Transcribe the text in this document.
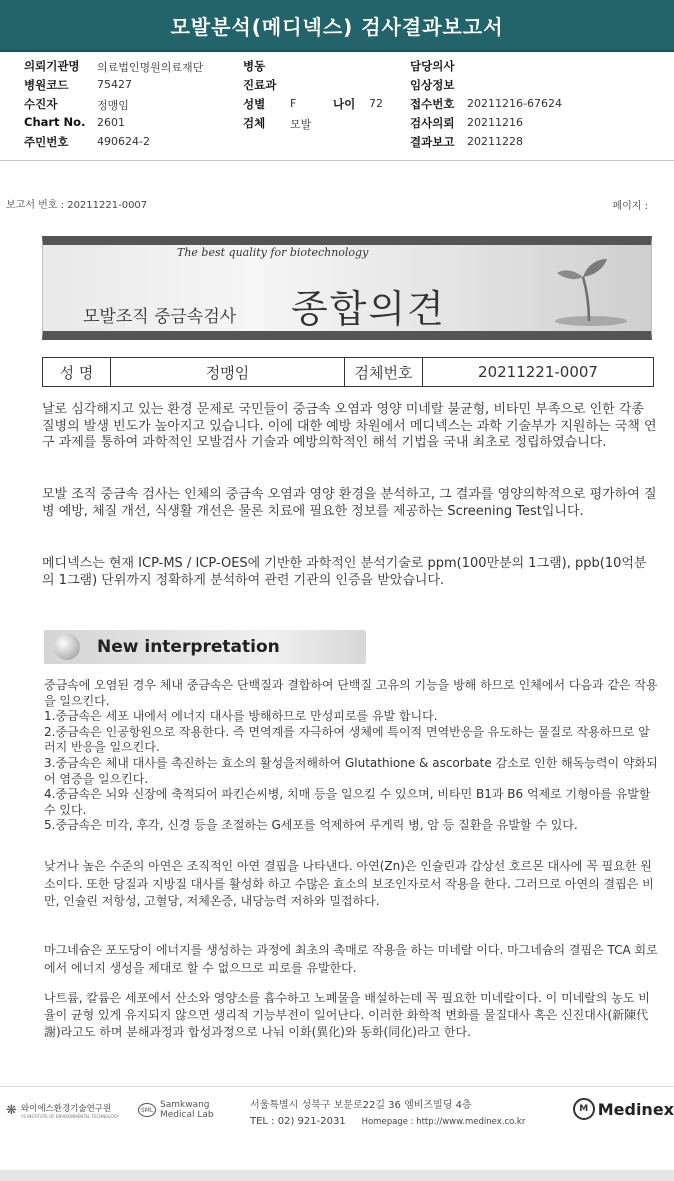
모발분석(메디넥스) 검사결과보고서
의뢰기관명 의료법인명원의료재단
병원코드	75427
수진자	정맹임
Chart No. 2601
주민번호	490624-2
병동
진료과
성별 F	나이 72
검체 모발
담당의사
임상정보
접수번호 20211216-67624
검사의뢰 20211216
결과보고 20211228
보고서 번호 : 20211221-0007	페이지 :
The best quality for biotechnology
모발조직 중금속검사 종합의견
성 명	정맹임	검체번호	20211221-0007

날로 심각해지고 있는 환경 문제로 국민들이 중금속 오염과 영양 미네랄 불균형, 비타민 부족으로 인한 각종 질병의 발생 빈도가 높아지고 있습니다. 이에 대한 예방 차원에서 메디넥스는 과학 기술부가 지원하는 국책 연구 과제를 통하여 과학적인 모발검사 기술과 예방의학적인 해석 기법을 국내 최초로 정립하였습니다.

모발 조직 중금속 검사는 인체의 중금속 오염과 영양 환경을 분석하고, 그 결과를 영양의학적으로 평가하여 질병 예방, 체질 개선, 식생활 개선은 물론 치료에 필요한 정보를 제공하는 Screening Test입니다.

메디넥스는 현재 ICP-MS / ICP-OES에 기반한 과학적인 분석기술로 ppm(100만분의 1그램), ppb(10억분의 1그램) 단위까지 정확하게 분석하여 관련 기관의 인증을 받았습니다.

New interpretation

중금속에 오염된 경우 체내 중금속은 단백질과 결합하여 단백질 고유의 기능을 방해 하므로 인체에서 다음과 같은 작용을 일으킨다.

1.중금속은 세포 내에서 에너지 대사를 방해하므로 만성피로를 유발 합니다.

2.중금속은 인공항원으로 작용한다. 즉 면역계를 자극하여 생체에 특이적 면역반응을 유도하는 물질로 작용하므로 알러지 반응을 일으킨다.

3.중금속은 체내 대사를 촉진하는 효소의 활성을저해하여 Glutathione & ascorbate 감소로 인한 해독능력이 약화되어 염증을 일으킨다.

4.중금속은 뇌와 신장에 축적되어 파킨슨씨병, 치매 등을 일으킬 수 있으며, 비타민 B1과 B6 억제로 기형아를 유발할 수 있다.

5.중금속은 미각, 후각, 신경 등을 조절하는 G세포를 억제하여 루게릭 병, 암 등 질환을 유발할 수 있다.

낮거나 높은 수준의 아연은 조직적인 아연 결핍을 나타낸다. 아연(Zn)은 인슐린과 갑상선 호르몬 대사에 꼭 필요한 원소이다. 또한 당질과 지방질 대사를 활성화 하고 수많은 효소의 보조인자로서 작용을 한다. 그러므로 아연의 결핍은 비만, 인슐린 저항성, 고혈당, 저체온증, 내당능력 저하와 밀접하다.

마그네슘은 포도당이 에너지를 생성하는 과정에 최초의 촉매로 작용을 하는 미네랄 이다. 마그네슘의 결핍은 TCA 회로에서 에너지 생성을 제대로 할 수 없으므로 피로를 유발한다.

나트륨, 칼륨은 세포에서 산소와 영양소를 흡수하고 노폐물을 배설하는데 꼭 필요한 미네랄이다. 이 미네랄의 농도 비율이 균형 있게 유지되지 않으면 생리적 기능부전이 일어난다. 이러한 화학적 변화를 물질대사 혹은 신진대사(新陳代謝)라고도 하며 분해과정과 합성과정으로 나눠 이화(異化)와 동화(同化)라고 한다.

❋ 와이에스환경기술연구원
YS INSTITUTE OF ENVIRONMENTAL TECHNOLOGY
SML Samkwang
Medical Lab
서울특별시 성북구 보문로22길 36 엠비즈빌딩 4층
TEL : 02) 921-2031 Homepage : http://www.medinex.co.kr
M Medinex
